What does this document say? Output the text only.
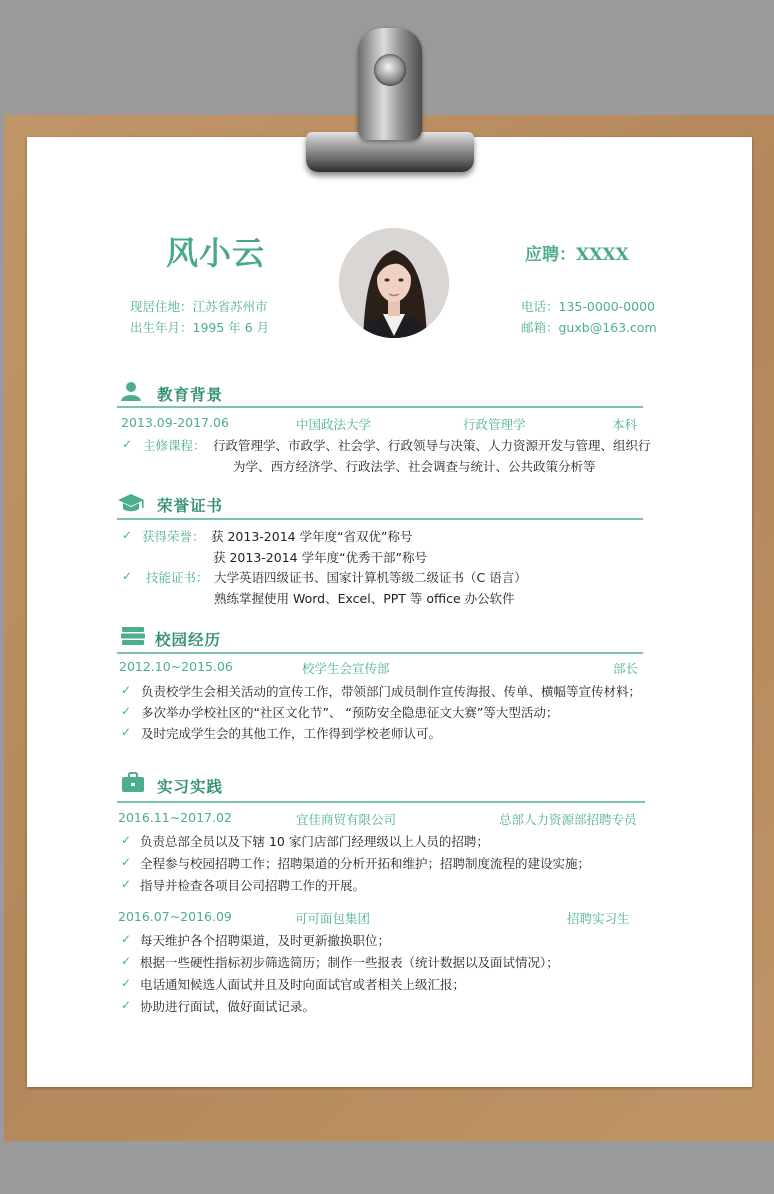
风小云	应聘：XXXX
现居住地：江苏省苏州市
出生年月：1995 年 6 月
电话：135-0000-0000
邮箱：guxb@163.com
教育背景
2013.09-2017.06	中国政法大学	行政管理学	本科
✓ 主修课程： 行政管理学、市政学、社会学、行政领导与决策、人力资源开发与管理、组织行
为学、西方经济学、行政法学、社会调查与统计、公共政策分析等
荣誉证书
✓ 获得荣誉： 获 2013-2014 学年度“省双优”称号
获 2013-2014 学年度“优秀干部”称号
✓ 技能证书： 大学英语四级证书、国家计算机等级二级证书（C 语言）
熟练掌握使用 Word、Excel、PPT 等 office 办公软件
校园经历
2012.10~2015.06	校学生会宣传部	部长
✓ 负责校学生会相关活动的宣传工作，带领部门成员制作宣传海报、传单、横幅等宣传材料；
✓ 多次举办学校社区的“社区文化节”、 “预防安全隐患征文大赛”等大型活动；
✓ 及时完成学生会的其他工作，工作得到学校老师认可。
实习实践
2016.11~2017.02	宜佳商贸有限公司	总部人力资源部招聘专员
✓ 负责总部全员以及下辖 10 家门店部门经理级以上人员的招聘；
✓ 全程参与校园招聘工作；招聘渠道的分析开拓和维护；招聘制度流程的建设实施；
✓ 指导并检查各项目公司招聘工作的开展。
2016.07~2016.09	可可面包集团	招聘实习生
✓ 每天维护各个招聘渠道，及时更新撤换职位；
✓ 根据一些硬性指标初步筛选简历；制作一些报表（统计数据以及面试情况）；
✓ 电话通知候选人面试并且及时向面试官或者相关上级汇报；
✓ 协助进行面试，做好面试记录。
